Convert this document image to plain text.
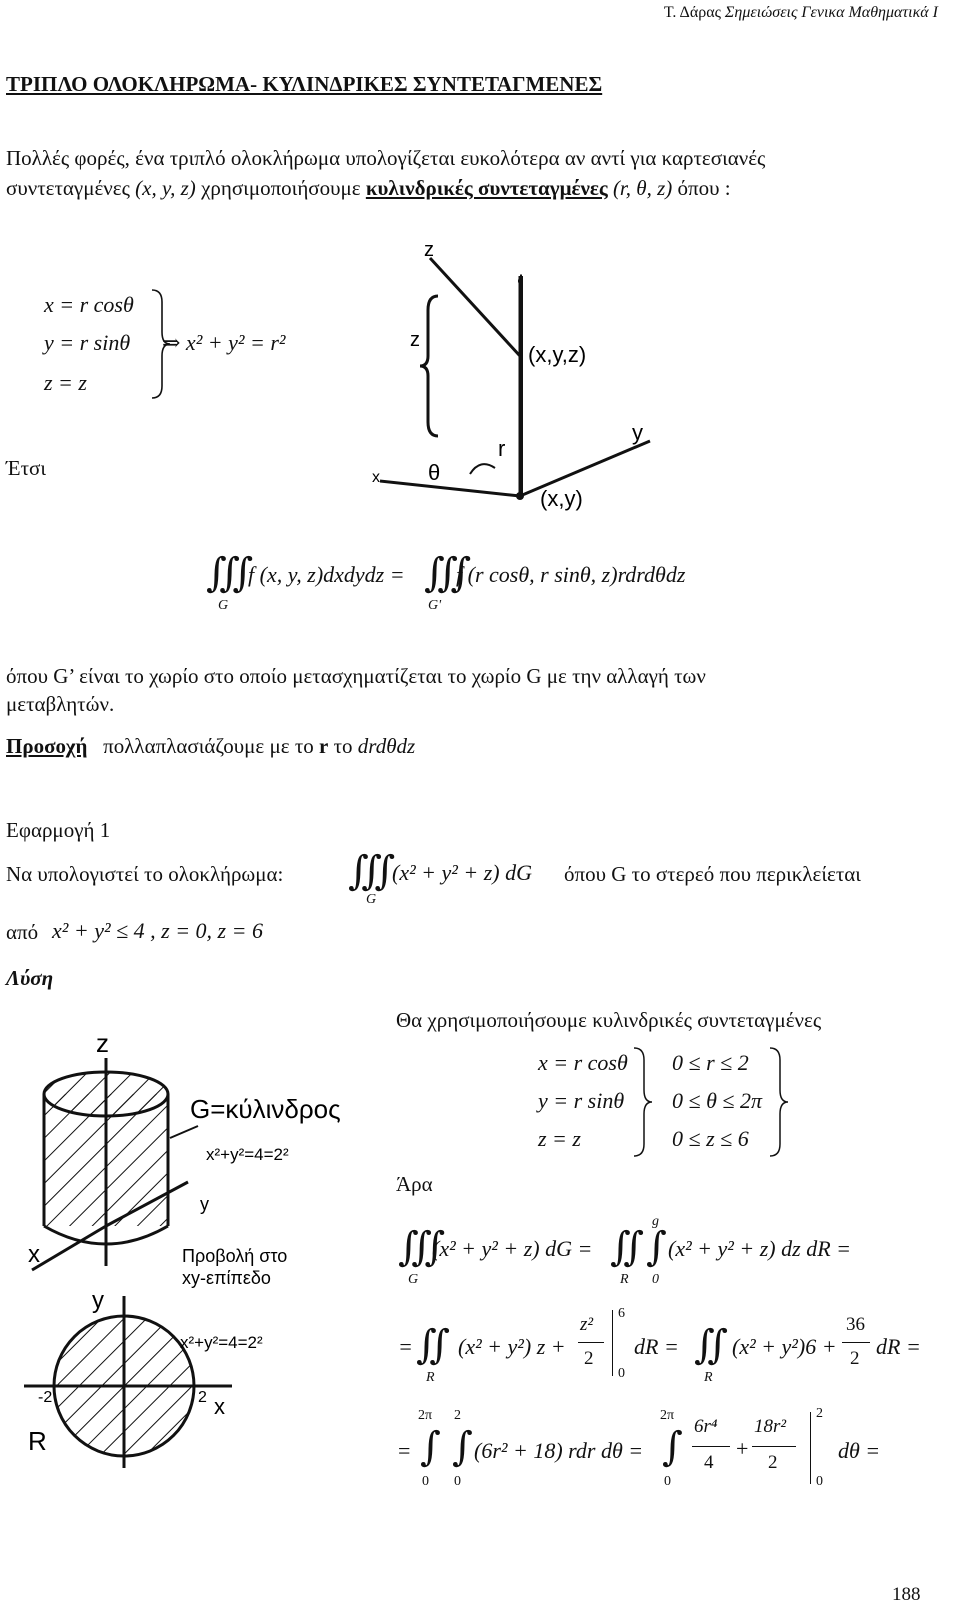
Τ. Δάρας Σημειώσεις Γενικα Μαθηματικά Ι
ΤΡΙΠΛΟ ΟΛΟΚΛΗΡΩΜΑ- ΚΥΛΙΝΔΡΙΚΕΣ ΣΥΝΤΕΤΑΓΜΕΝΕΣ
Πολλές φορές, ένα τριπλό ολοκλήρωμα υπολογίζεται ευκολότερα αν αντί για καρτεσιανές
συντεταγμένες (x, y, z) χρησιμοποιήσουμε κυλινδρικές συντεταγμένες (r, θ, z) όπου :
x = r cosθ
y = r sinθ
z = z
⇒ x² + y² = r²
Έτσι
z
z
(x,y,z)
y
r
x θ
(x,y)
∭
G
f (x, y, z)dxdydz = ∭
G'
f (r cosθ, r sinθ, z)rdrdθdz
όπου G’ είναι το χωρίο στο οποίο μετασχηματίζεται το χωρίο G με την αλλαγή των
μεταβλητών.
Προσοχή πολλαπλασιάζουμε με το r το drdθdz
Εφαρμογή 1
Να υπολογιστεί το ολοκλήρωμα: ∭
G
(x² + y² + z) dG όπου G το στερεό που περικλείεται
από x² + y² ≤ 4 , z = 0, z = 6
Λύση
Θα χρησιμοποιήσουμε κυλινδρικές συντεταγμένες
x = r cosθ
y = r sinθ
z = z
0 ≤ r ≤ 2
0 ≤ θ ≤ 2π
0 ≤ z ≤ 6
Άρα
∭
G
(x² + y² + z) dG = ∬
R
g
∫
0
(x² + y² + z) dz dR =
= ∬
R
(x² + y²) z +
z²
2
6
0
dR = ∬
R
(x² + y²)6 +
36
2 dR =
=
2π
∫
0
2
∫
0
(6r² + 18) rdr dθ =
2π
∫
0
6r⁴
4
+
18r²
2
2
0
dθ =
z
G=κύλινδρος
x²+y²=4=2²
y
x	Προβολή στο
xy-επίπεδο
y
x²+y²=4=2²
-2	2 x
R
188
